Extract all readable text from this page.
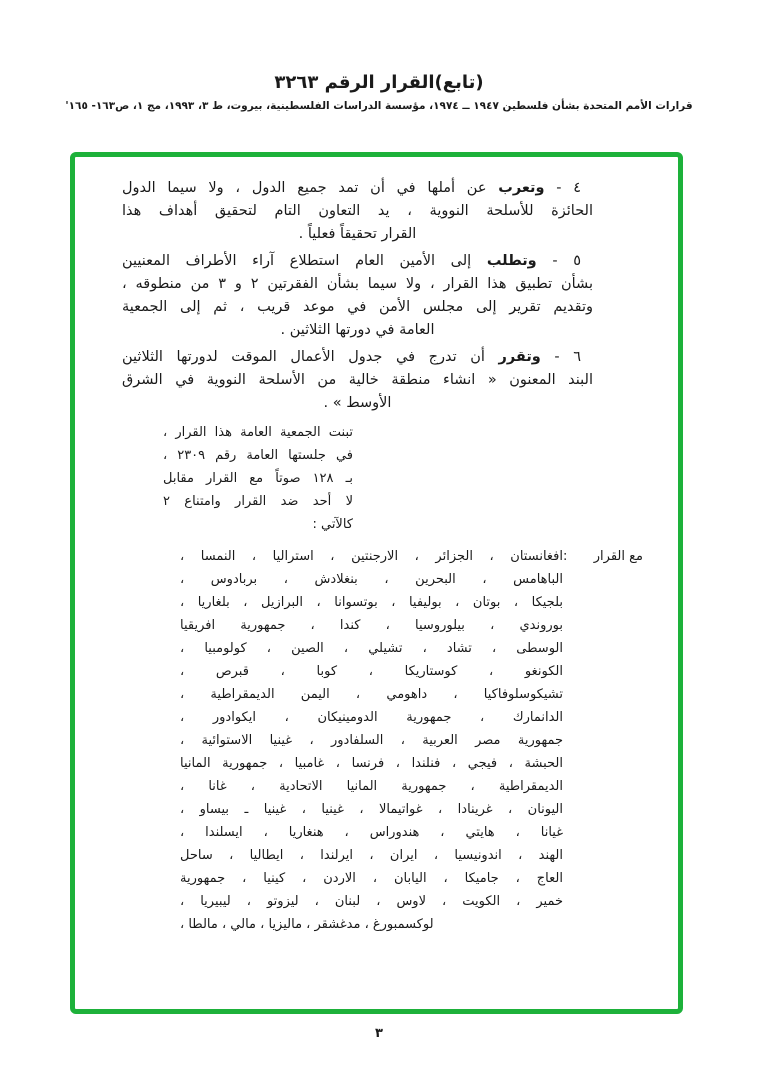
(تابع)القرار الرقم ٣٢٦٣
قرارات الأمم المتحدة بشأن فلسطين ١٩٤٧ ــ ١٩٧٤، مؤسسة الدراسات الفلسطينية، بيروت، ط ٣، ١٩٩٣، مج ١، ص١٦٣- ١٦٥'
٤ - وتعرب عن أملها في أن تمد جميع الدول ، ولا سيما الدول
الحائزة للأسلحة النووية ، يد التعاون التام لتحقيق أهداف هذا
القرار تحقيقاً فعلياً .
٥ - وتطلب إلى الأمين العام استطلاع آراء الأطراف المعنيين
بشأن تطبيق هذا القرار ، ولا سيما بشأن الفقرتين ٢ و ٣ من منطوقه ،
وتقديم تقرير إلى مجلس الأمن في موعد قريب ، ثم إلى الجمعية
العامة في دورتها الثلاثين .
٦ - وتقرر أن تدرج في جدول الأعمال الموقت لدورتها الثلاثين
البند المعنون « انشاء منطقة خالية من الأسلحة النووية في الشرق
الأوسط » .
تبنت الجمعية العامة هذا القرار ،
في جلستها العامة رقم ٢٣٠٩ ،
بـ ١٢٨ صوتاً مع القرار مقابل
لا أحد ضد القرار وامتناع ٢
كالآتي :
مع القرار
:
افغانستان ، الجزائر ، الارجنتين ، استراليا ، النمسا ،
الباهامس ، البحرين ، بنغلادش ، بربادوس ،
بلجيكا ، بوتان ، بوليفيا ، بوتسوانا ، البرازيل ، بلغاريا ،
بوروندي ، بيلوروسيا ، كندا ، جمهورية افريقيا
الوسطى ، تشاد ، تشيلي ، الصين ، كولومبيا ،
الكونغو ، كوستاريكا ، كوبا ، قبرص ،
تشيكوسلوفاكيا ، داهومي ، اليمن الديمقراطية ،
الدانمارك ، جمهورية الدومينيكان ، ايكوادور ،
جمهورية مصر العربية ، السلفادور ، غينيا الاستوائية ،
الحبشة ، فيجي ، فنلندا ، فرنسا ، غامبيا ، جمهورية المانيا
الديمقراطية ، جمهورية المانيا الاتحادية ، غانا ،
اليونان ، غرينادا ، غواتيمالا ، غينيا ، غينيا ـ بيساو ،
غيانا ، هايتي ، هندوراس ، هنغاريا ، ايسلندا ،
الهند ، اندونيسيا ، ايران ، ايرلندا ، ايطاليا ، ساحل
العاج ، جاميكا ، اليابان ، الاردن ، كينيا ، جمهورية
خمير ، الكويت ، لاوس ، لبنان ، ليزوتو ، ليبيريا ،
لوكسمبورغ ، مدغشقر ، ماليزيا ، مالي ، مالطا ،
٣
